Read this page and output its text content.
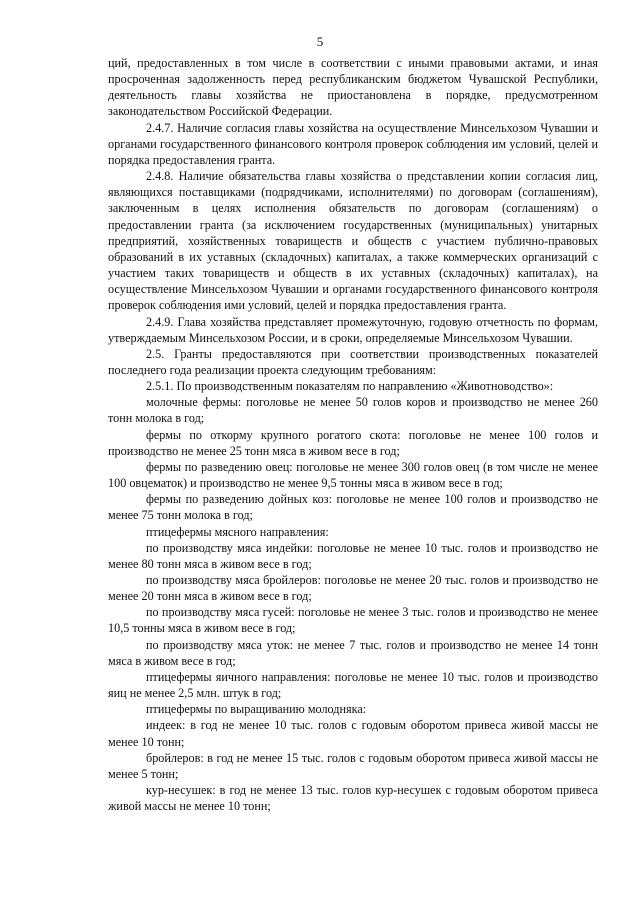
5

ций, предоставленных в том числе в соответствии с иными правовыми актами, и иная просроченная задолженность перед республиканским бюджетом Чувашской Республики, деятельность главы хозяйства не приостановлена в порядке, предусмотренном законодательством Российской Федерации.

2.4.7. Наличие согласия главы хозяйства на осуществление Минсельхозом Чувашии и органами государственного финансового контроля проверок соблюдения им условий, целей и порядка предоставления гранта.

2.4.8. Наличие обязательства главы хозяйства о представлении копии согласия лиц, являющихся поставщиками (подрядчиками, исполнителями) по договорам (соглашениям), заключенным в целях исполнения обязательств по договорам (соглашениям) о предоставлении гранта (за исключением государственных (муниципальных) унитарных предприятий, хозяйственных товариществ и обществ с участием публично-правовых образований в их уставных (складочных) капиталах, а также коммерческих организаций с участием таких товариществ и обществ в их уставных (складочных) капиталах), на осуществление Минсельхозом Чувашии и органами государственного финансового контроля проверок соблюдения ими условий, целей и порядка предоставления гранта.

2.4.9. Глава хозяйства представляет промежуточную, годовую отчетность по формам, утверждаемым Минсельхозом России, и в сроки, определяемые Минсельхозом Чувашии.

2.5. Гранты предоставляются при соответствии производственных показателей последнего года реализации проекта следующим требованиям:

2.5.1. По производственным показателям по направлению «Животноводство»:

молочные фермы: поголовье не менее 50 голов коров и производство не менее 260 тонн молока в год;

фермы по откорму крупного рогатого скота: поголовье не менее 100 голов и производство не менее 25 тонн мяса в живом весе в год;

фермы по разведению овец: поголовье не менее 300 голов овец (в том числе не менее 100 овцематок) и производство не менее 9,5 тонны мяса в живом весе в год;

фермы по разведению дойных коз: поголовье не менее 100 голов и производство не менее 75 тонн молока в год;

птицефермы мясного направления:

по производству мяса индейки: поголовье не менее 10 тыс. голов и производство не менее 80 тонн мяса в живом весе в год;

по производству мяса бройлеров: поголовье не менее 20 тыс. голов и производство не менее 20 тонн мяса в живом весе в год;

по производству мяса гусей: поголовье не менее 3 тыс. голов и производство не менее 10,5 тонны мяса в живом весе в год;

по производству мяса уток: не менее 7 тыс. голов и производство не менее 14 тонн мяса в живом весе в год;

птицефермы яичного направления: поголовье не менее 10 тыс. голов и производство яиц не менее 2,5 млн. штук в год;

птицефермы по выращиванию молодняка:

индеек: в год не менее 10 тыс. голов с годовым оборотом привеса живой массы не менее 10 тонн;

бройлеров: в год не менее 15 тыс. голов с годовым оборотом привеса живой массы не менее 5 тонн;

кур-несушек: в год не менее 13 тыс. голов кур-несушек с годовым оборотом привеса живой массы не менее 10 тонн;
